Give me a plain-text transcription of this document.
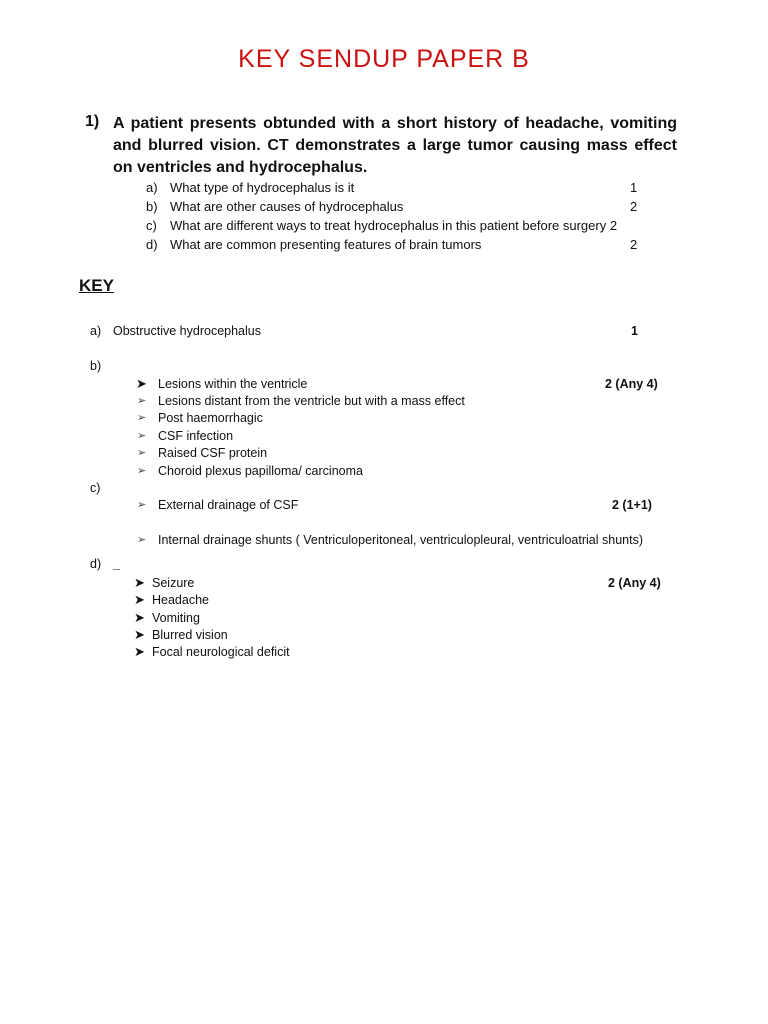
KEY SENDUP PAPER B
1) A patient presents obtunded with a short history of headache, vomiting and blurred vision. CT demonstrates a large tumor causing mass effect on ventricles and hydrocephalus.
a) What type of hydrocephalus is it	1
b) What are other causes of hydrocephalus	2
c) What are different ways to treat hydrocephalus in this patient before surgery 2
d) What are common presenting features of brain tumors	2
KEY
a) Obstructive hydrocephalus	1
b)
2 (Any 4)
➤ Lesions within the ventricle
➢ Lesions distant from the ventricle but with a mass effect
➢ Post haemorrhagic
➢ CSF infection
➢ Raised CSF protein
➢ Choroid plexus papilloma/ carcinoma
c)
➢ External drainage of CSF	2 (1+1)
➢ Internal drainage shunts ( Ventriculoperitoneal, ventriculopleural, ventriculoatrial shunts)
d) _
2 (Any 4)
➤ Seizure
➤ Headache
➤ Vomiting
➤ Blurred vision
➤ Focal neurological deficit
